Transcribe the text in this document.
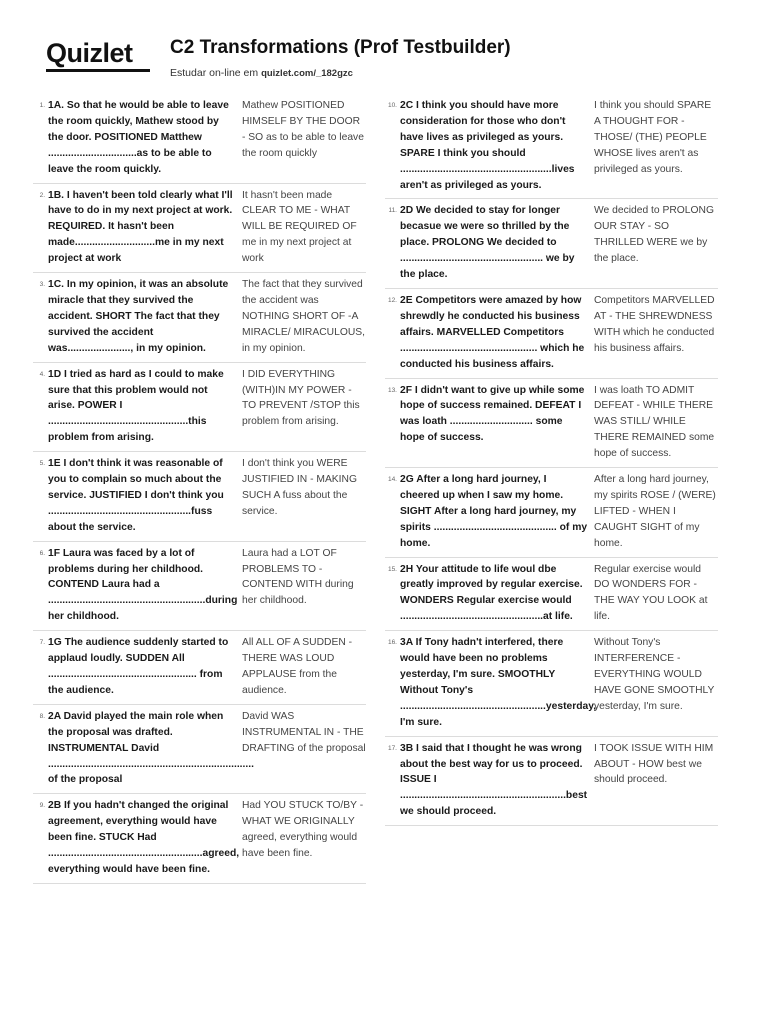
Quizlet	C2 Transformations (Prof Testbuilder)
Estudar on-line em quizlet.com/_182gzc
1. 1A. So that he would be able to leave the room quickly, Mathew stood by the door. POSITIONED Matthew ...............................as to be able to leave the room quickly.
Mathew POSITIONED HIMSELF BY THE DOOR - SO as to be able to leave the room quickly
2. 1B. I haven't been told clearly what I'll have to do in my next project at work. REQUIRED. It hasn't been made............................me in my next project at work
It hasn't been made CLEAR TO ME - WHAT WILL BE REQUIRED OF me in my next project at work
3. 1C. In my opinion, it was an absolute miracle that they survived the accident. SHORT The fact that they survived the accident was......................, in my opinion.
The fact that they survived the accident was NOTHING SHORT OF -A MIRACLE/ MIRACULOUS, in my opinion.
4. 1D I tried as hard as I could to make sure that this problem would not arise. POWER I .................................................this problem from arising.
I DID EVERYTHING (WITH)IN MY POWER - TO PREVENT /STOP this problem from arising.
5. 1E I don't think it was reasonable of you to complain so much about the service. JUSTIFIED I don't think you ..................................................fuss about the service.
I don't think you WERE JUSTIFIED IN - MAKING SUCH A fuss about the service.
6. 1F Laura was faced by a lot of problems during her childhood. CONTEND Laura had a .......................................................during her childhood.
Laura had a LOT OF PROBLEMS TO - CONTEND WITH during her childhood.
7. 1G The audience suddenly started to applaud loudly. SUDDEN All .................................................... from the audience.
All ALL OF A SUDDEN - THERE WAS LOUD APPLAUSE from the audience.
8. 2A David played the main role when the proposal was drafted. INSTRUMENTAL David ........................................................................ of the proposal
David WAS INSTRUMENTAL IN - THE DRAFTING of the proposal
9. 2B If you hadn't changed the original agreement, everything would have been fine. STUCK Had ......................................................agreed, everything would have been fine.
Had YOU STUCK TO/BY - WHAT WE ORIGINALLY agreed, everything would have been fine.
10. 2C I think you should have more consideration for those who don't have lives as privileged as yours. SPARE I think you should .....................................................lives aren't as privileged as yours.
I think you should SPARE A THOUGHT FOR - THOSE/ (THE) PEOPLE WHOSE lives aren't as privileged as yours.
11. 2D We decided to stay for longer becasue we were so thrilled by the place. PROLONG We decided to .................................................. we by the place.
We decided to PROLONG OUR STAY - SO THRILLED WERE we by the place.
12. 2E Competitors were amazed by how shrewdly he conducted his business affairs. MARVELLED Competitors ................................................ which he conducted his business affairs.
Competitors MARVELLED AT - THE SHREWDNESS WITH which he conducted his business affairs.
13. 2F I didn't want to give up while some hope of success remained. DEFEAT I was loath ............................. some hope of success.
I was loath TO ADMIT DEFEAT - WHILE THERE WAS STILL/ WHILE THERE REMAINED some hope of success.
14. 2G After a long hard journey, I cheered up when I saw my home. SIGHT After a long hard journey, my spirits ........................................... of my home.
After a long hard journey, my spirits ROSE / (WERE) LIFTED - WHEN I CAUGHT SIGHT of my home.
15. 2H Your attitude to life woul dbe greatly improved by regular exercise. WONDERS Regular exercise would ..................................................at life.
Regular exercise would DO WONDERS FOR - THE WAY YOU LOOK at life.
16. 3A If Tony hadn't interfered, there would have been no problems yesterday, I'm sure. SMOOTHLY Without Tony's ...................................................yesterday, I'm sure.
Without Tony's INTERFERENCE - EVERYTHING WOULD HAVE GONE SMOOTHLY yesterday, I'm sure.
17. 3B I said that I thought he was wrong about the best way for us to proceed. ISSUE I ..........................................................best we should proceed.
I TOOK ISSUE WITH HIM ABOUT - HOW best we should proceed.
